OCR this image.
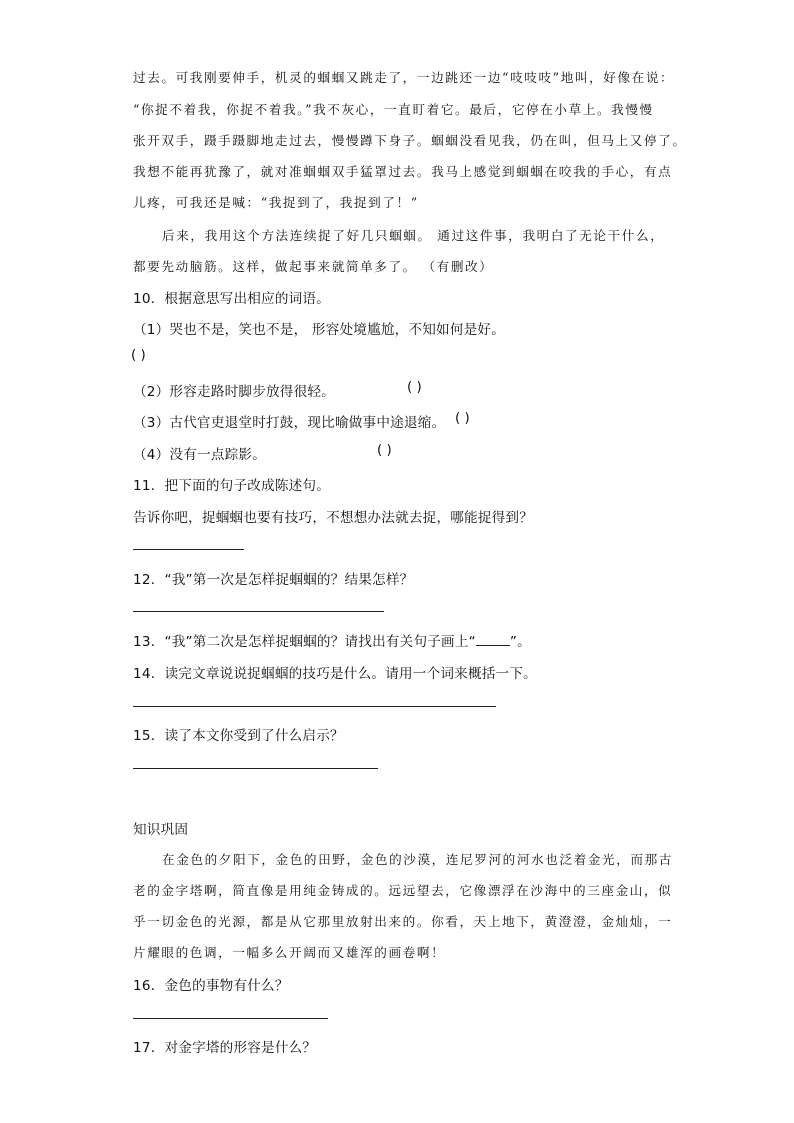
过去。可我刚要伸手，机灵的蝈蝈又跳走了，一边跳还一边“吱吱吱”地叫，好像在说：
“你捉不着我，你捉不着我。”我不灰心，一直盯着它。最后，它停在小草上。我慢慢
张开双手，蹑手蹑脚地走过去，慢慢蹲下身子。蝈蝈没看见我，仍在叫，但马上又停了。
我想不能再犹豫了，就对准蝈蝈双手猛罩过去。我马上感觉到蝈蝈在咬我的手心，有点
儿疼，可我还是喊：“我捉到了，我捉到了！”
后来，我用这个方法连续捉了好几只蝈蝈。 通过这件事，我明白了无论干什么，
都要先动脑筋。这样，做起事来就简单多了。 （有删改）
10．根据意思写出相应的词语。
（1）哭也不是，笑也不是， 形容处境尴尬，不知如何是好。
( )
（2）形容走路时脚步放得很轻。	( )
（3）古代官吏退堂时打鼓，现比喻做事中途退缩。 ( )
（4）没有一点踪影。	( )
11．把下面的句子改成陈述句。
告诉你吧，捉蝈蝈也要有技巧，不想想办法就去捉，哪能捉得到？
12．“我”第一次是怎样捉蝈蝈的？结果怎样？
13．“我”第二次是怎样捉蝈蝈的？请找出有关句子画上“	”。
14．读完文章说说捉蝈蝈的技巧是什么。请用一个词来概括一下。
15．读了本文你受到了什么启示？
知识巩固
在金色的夕阳下，金色的田野，金色的沙漠，连尼罗河的河水也泛着金光，而那古
老的金字塔啊，简直像是用纯金铸成的。远远望去，它像漂浮在沙海中的三座金山，似
乎一切金色的光源，都是从它那里放射出来的。你看，天上地下，黄澄澄，金灿灿，一
片耀眼的色调，一幅多么开阔而又雄浑的画卷啊！
16．金色的事物有什么？
17．对金字塔的形容是什么？
